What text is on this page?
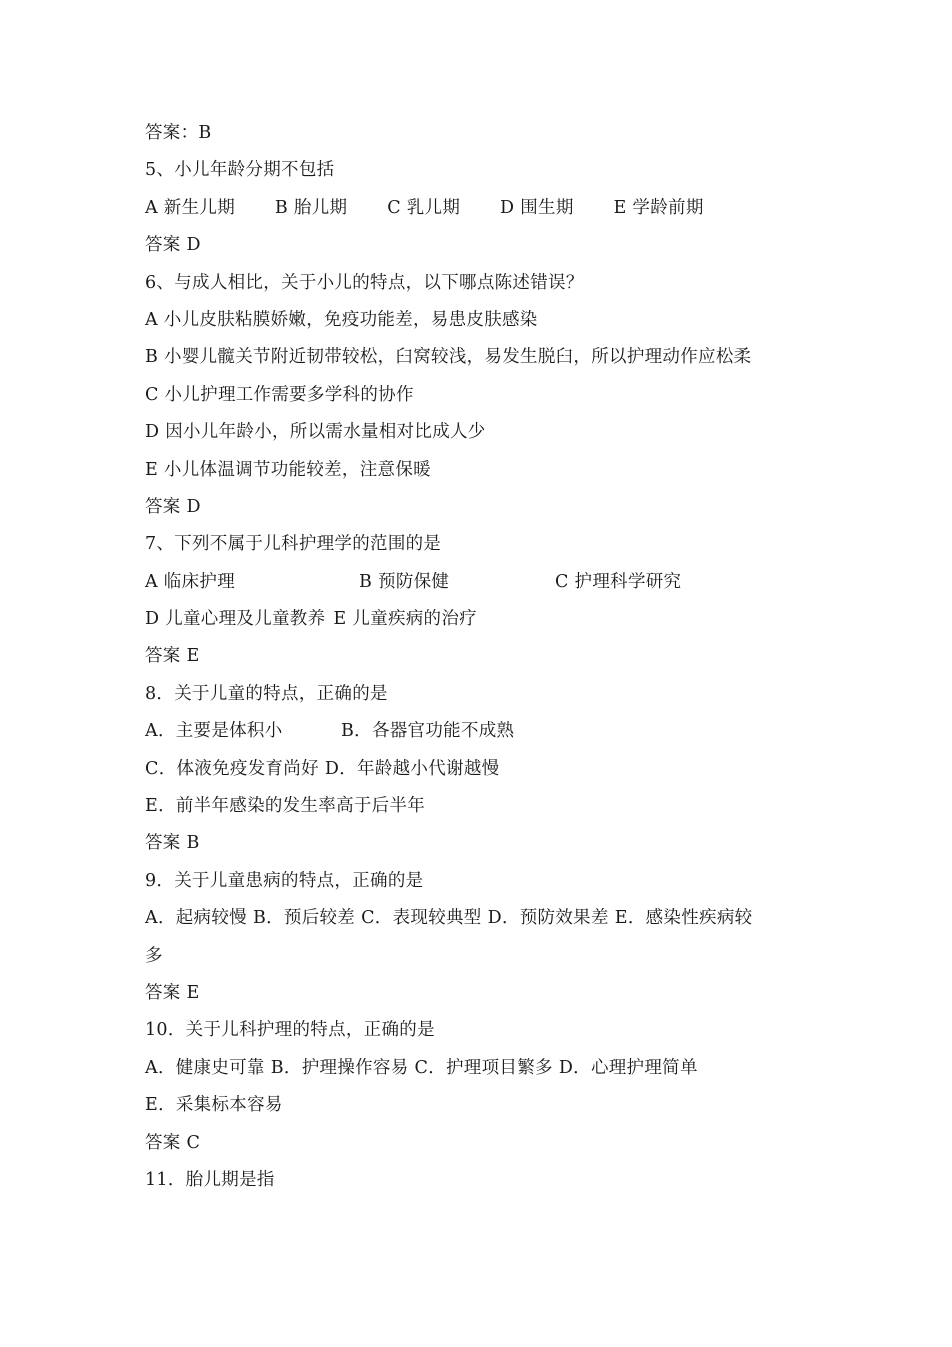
答案：B
5、小儿年龄分期不包括
A 新生儿期 B 胎儿期 C 乳儿期 D 围生期 E 学龄前期
答案 D
6、与成人相比，关于小儿的特点，以下哪点陈述错误？
A 小儿皮肤粘膜娇嫩，免疫功能差，易患皮肤感染
B 小婴儿髋关节附近韧带较松，臼窝较浅，易发生脱臼，所以护理动作应松柔
C 小儿护理工作需要多学科的协作
D 因小儿年龄小，所以需水量相对比成人少
E 小儿体温调节功能较差，注意保暖
答案 D
7、下列不属于儿科护理学的范围的是
A 临床护理	B 预防保健	C 护理科学研究
D 儿童心理及儿童教养 E 儿童疾病的治疗
答案 E
8．关于儿童的特点，正确的是
A．主要是体积小	B．各器官功能不成熟
C．体液免疫发育尚好 D．年龄越小代谢越慢
E．前半年感染的发生率高于后半年
答案 B
9．关于儿童患病的特点，正确的是
A．起病较慢 B．预后较差 C．表现较典型 D．预防效果差 E．感染性疾病较
多
答案 E
10．关于儿科护理的特点，正确的是
A．健康史可靠 B．护理操作容易 C．护理项目繁多 D．心理护理简单
E．采集标本容易
答案 C
11．胎儿期是指
